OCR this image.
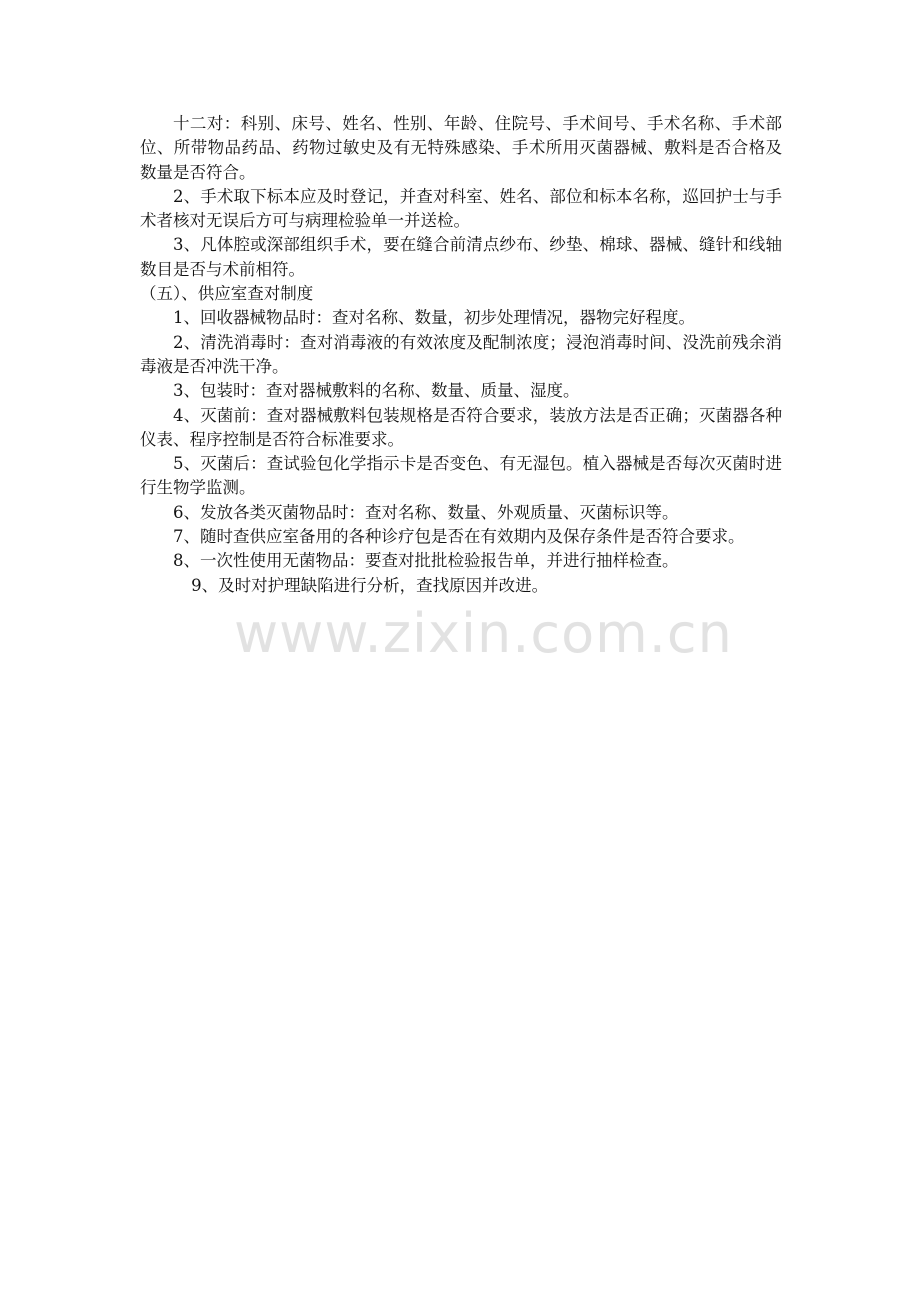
十二对：科别、床号、姓名、性别、年龄、住院号、手术间号、手术名称、手术部位、所带物品药品、药物过敏史及有无特殊感染、手术所用灭菌器械、敷料是否合格及数量是否符合。

2、手术取下标本应及时登记，并查对科室、姓名、部位和标本名称，巡回护士与手术者核对无误后方可与病理检验单一并送检。

3、凡体腔或深部组织手术，要在缝合前清点纱布、纱垫、棉球、器械、缝针和线轴数目是否与术前相符。

（五）、供应室查对制度

1、回收器械物品时：查对名称、数量，初步处理情况，器物完好程度。

2、清洗消毒时：查对消毒液的有效浓度及配制浓度；浸泡消毒时间、没洗前残余消毒液是否冲洗干净。

3、包装时：查对器械敷料的名称、数量、质量、湿度。

4、灭菌前：查对器械敷料包装规格是否符合要求，装放方法是否正确；灭菌器各种仪表、程序控制是否符合标准要求。

5、灭菌后：查试验包化学指示卡是否变色、有无湿包。植入器械是否每次灭菌时进行生物学监测。

6、发放各类灭菌物品时：查对名称、数量、外观质量、灭菌标识等。

7、随时查供应室备用的各种诊疗包是否在有效期内及保存条件是否符合要求。

8、一次性使用无菌物品：要查对批批检验报告单，并进行抽样检查。

9、及时对护理缺陷进行分析，查找原因并改进。

www.zixin.com.cn
